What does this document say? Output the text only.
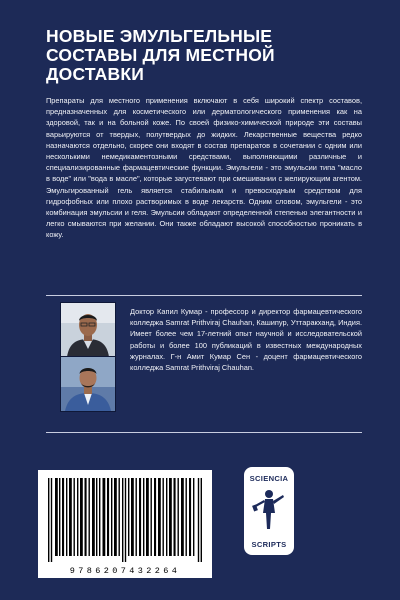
НОВЫЕ ЭМУЛЬГЕЛЬНЫЕ
СОСТАВЫ ДЛЯ МЕСТНОЙ
ДОСТАВКИ

Препараты для местного применения включают в себя широкий спектр составов, предназначенных для косметического или дерматологического применения как на здоровой, так и на больной коже. По своей физико-химической природе эти составы варьируются от твердых, полутвердых до жидких. Лекарственные вещества редко назначаются отдельно, скорее они входят в состав препаратов в сочетании с одним или несколькими немедикаментозными средствами, выполняющими различные и специализированные фармацевтические функции. Эмульгели - это эмульсии типа "масло в воде" или "вода в масле", которые загустевают при смешивании с желирующим агентом. Эмульгированный гель является стабильным и превосходным средством для гидрофобных или плохо растворимых в воде лекарств. Одним словом, эмульгели - это комбинация эмульсии и геля. Эмульсии обладают определенной степенью элегантности и легко смываются при желании. Они также обладают высокой способностью проникать в кожу.

Доктор Капил Кумар - профессор и директор фармацевтического колледжа Samrat Prithviraj Chauhan, Кашипур, Уттаракханд, Индия. Имеет более чем 17-летний опыт научной и исследовательской работы и более 100 публикаций в известных международных журналах. Г-н Амит Кумар Сен - доцент фармацевтического колледжа Samrat Prithviraj Chauhan.

9786207432264
SCIENCIA
SCRIPTS
